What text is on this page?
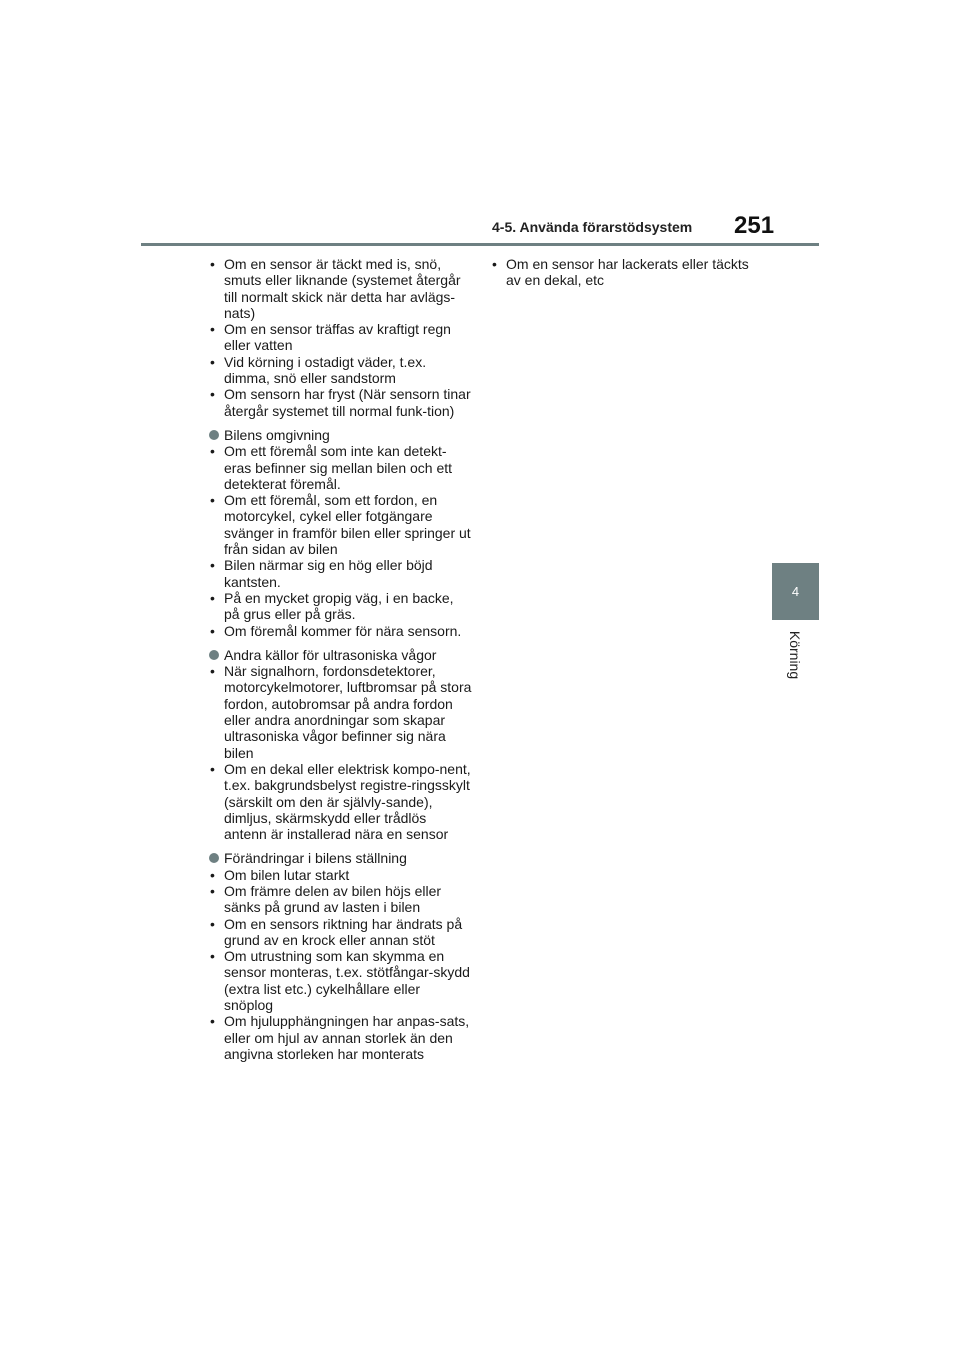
4-5. Använda förarstödsystem 251
4
Körning
• Om en sensor är täckt med is, snö, smuts eller liknande (systemet återgår till normalt skick när detta har avlägs-nats)
• Om en sensor träffas av kraftigt regn eller vatten
• Vid körning i ostadigt väder, t.ex. dimma, snö eller sandstorm
• Om sensorn har fryst (När sensorn tinar återgår systemet till normal funk-tion)
Bilens omgivning
• Om ett föremål som inte kan detekt-eras befinner sig mellan bilen och ett detekterat föremål.
• Om ett föremål, som ett fordon, en motorcykel, cykel eller fotgängare svänger in framför bilen eller springer ut från sidan av bilen
• Bilen närmar sig en hög eller böjd kantsten.
• På en mycket gropig väg, i en backe, på grus eller på gräs.
• Om föremål kommer för nära sensorn.
Andra källor för ultrasoniska vågor
• När signalhorn, fordonsdetektorer, motorcykelmotorer, luftbromsar på stora fordon, autobromsar på andra fordon eller andra anordningar som skapar ultrasoniska vågor befinner sig nära bilen
• Om en dekal eller elektrisk kompo-nent, t.ex. bakgrundsbelyst registre-ringsskylt (särskilt om den är självly-sande), dimljus, skärmskydd eller trådlös antenn är installerad nära en sensor
Förändringar i bilens ställning
• Om bilen lutar starkt
• Om främre delen av bilen höjs eller sänks på grund av lasten i bilen
• Om en sensors riktning har ändrats på grund av en krock eller annan stöt
• Om utrustning som kan skymma en sensor monteras, t.ex. stötfångar-skydd (extra list etc.) cykelhållare eller snöplog
• Om hjulupphängningen har anpas-sats, eller om hjul av annan storlek än den angivna storleken har monterats
• Om en sensor har lackerats eller täckts av en dekal, etc
